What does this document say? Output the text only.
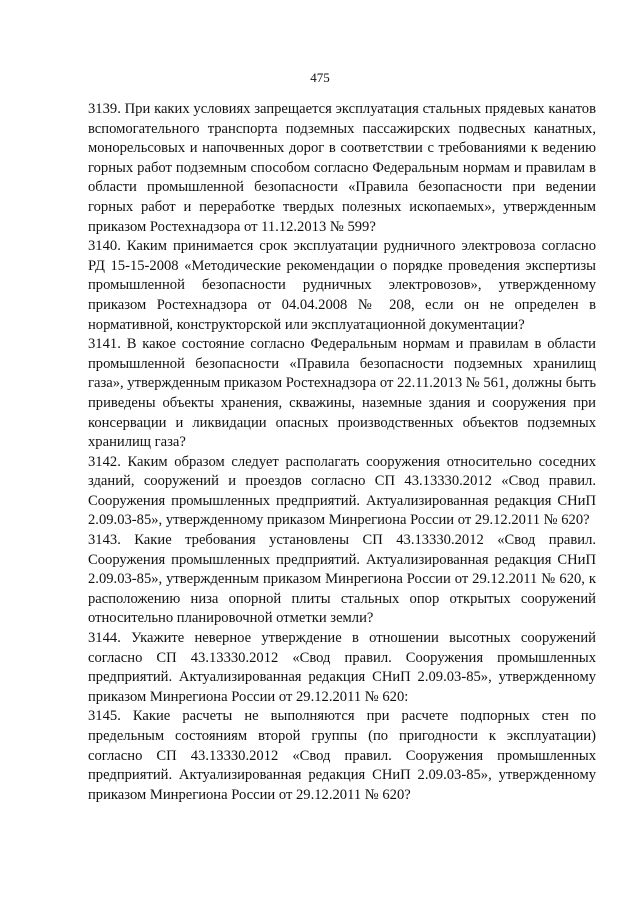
475

3139. При каких условиях запрещается эксплуатация стальных прядевых канатов вспомогательного транспорта подземных пассажирских подвесных канатных, монорельсовых и напочвенных дорог в соответствии с требованиями к ведению горных работ подземным способом согласно Федеральным нормам и правилам в области промышленной безопасности «Правила безопасности при ведении горных работ и переработке твердых полезных ископаемых», утвержденным приказом Ростехнадзора от 11.12.2013 № 599?

3140. Каким принимается срок эксплуатации рудничного электровоза согласно РД 15-15-2008 «Методические рекомендации о порядке проведения экспертизы промышленной безопасности рудничных электровозов», утвержденному приказом Ростехнадзора от 04.04.2008 № 208, если он не определен в нормативной, конструкторской или эксплуатационной документации?

3141. В какое состояние согласно Федеральным нормам и правилам в области промышленной безопасности «Правила безопасности подземных хранилищ газа», утвержденным приказом Ростехнадзора от 22.11.2013 № 561, должны быть приведены объекты хранения, скважины, наземные здания и сооружения при консервации и ликвидации опасных производственных объектов подземных хранилищ газа?

3142. Каким образом следует располагать сооружения относительно соседних зданий, сооружений и проездов согласно СП 43.13330.2012 «Свод правил. Сооружения промышленных предприятий. Актуализированная редакция СНиП 2.09.03-85», утвержденному приказом Минрегиона России от 29.12.2011 № 620?

3143. Какие требования установлены СП 43.13330.2012 «Свод правил. Сооружения промышленных предприятий. Актуализированная редакция СНиП 2.09.03-85», утвержденным приказом Минрегиона России от 29.12.2011 № 620, к расположению низа опорной плиты стальных опор открытых сооружений относительно планировочной отметки земли?

3144. Укажите неверное утверждение в отношении высотных сооружений согласно СП 43.13330.2012 «Свод правил. Сооружения промышленных предприятий. Актуализированная редакция СНиП 2.09.03-85», утвержденному приказом Минрегиона России от 29.12.2011 № 620:

3145. Какие расчеты не выполняются при расчете подпорных стен по предельным состояниям второй группы (по пригодности к эксплуатации) согласно СП 43.13330.2012 «Свод правил. Сооружения промышленных предприятий. Актуализированная редакция СНиП 2.09.03-85», утвержденному приказом Минрегиона России от 29.12.2011 № 620?
